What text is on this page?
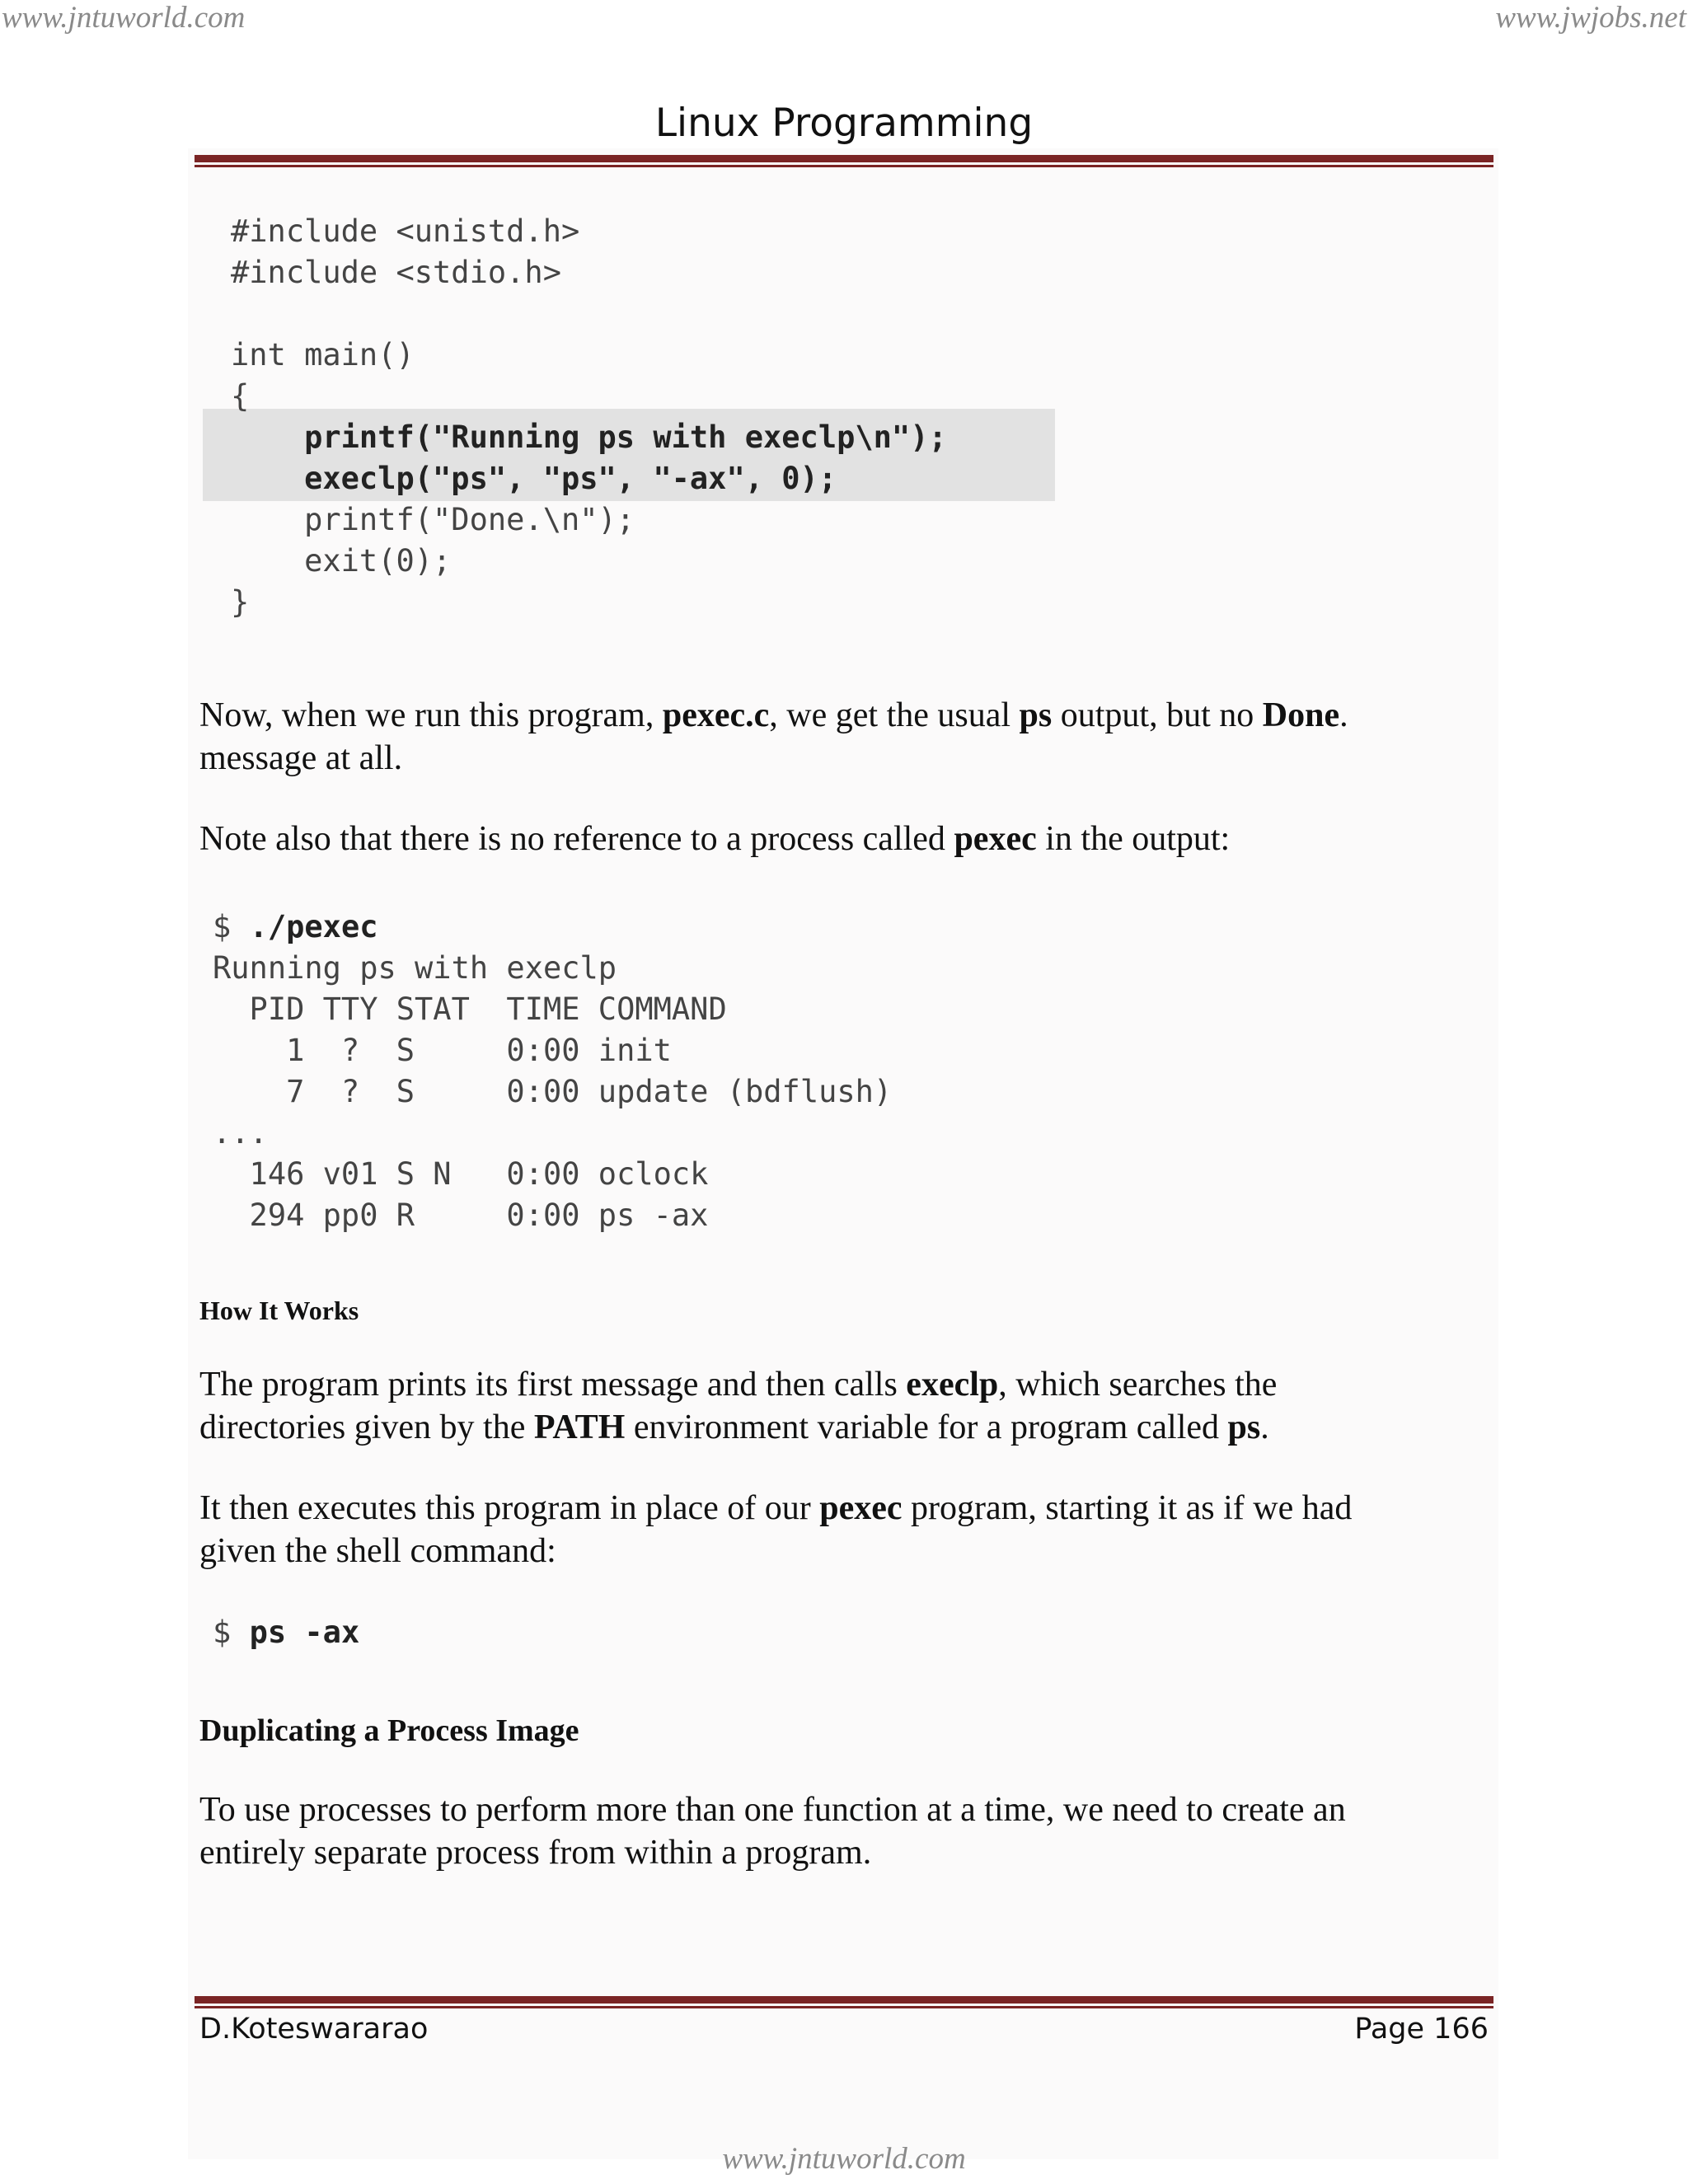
www.jntuworld.com	www.jwjobs.net
Linux Programming
#include <unistd.h>
#include <stdio.h>
int main()
{
printf("Running ps with execlp\n");
execlp("ps", "ps", "-ax", 0);
printf("Done.\n");
exit(0);
}

Now, when we run this program, pexec.c, we get the usual ps output, but no Done.
message at all.

Note also that there is no reference to a process called pexec in the output:

$ ./pexec
Running ps with execlp
PID TTY STAT  TIME COMMAND
1  ?  S     0:00 init
7  ?  S     0:00 update (bdflush)
...
146 v01 S N   0:00 oclock
294 pp0 R     0:00 ps -ax
How It Works

The program prints its first message and then calls execlp, which searches the
directories given by the PATH environment variable for a program called ps.

It then executes this program in place of our pexec program, starting it as if we had
given the shell command:

$ ps -ax
Duplicating a Process Image

To use processes to perform more than one function at a time, we need to create an
entirely separate process from within a program.

D.Koteswararao	Page 166
www.jntuworld.com
